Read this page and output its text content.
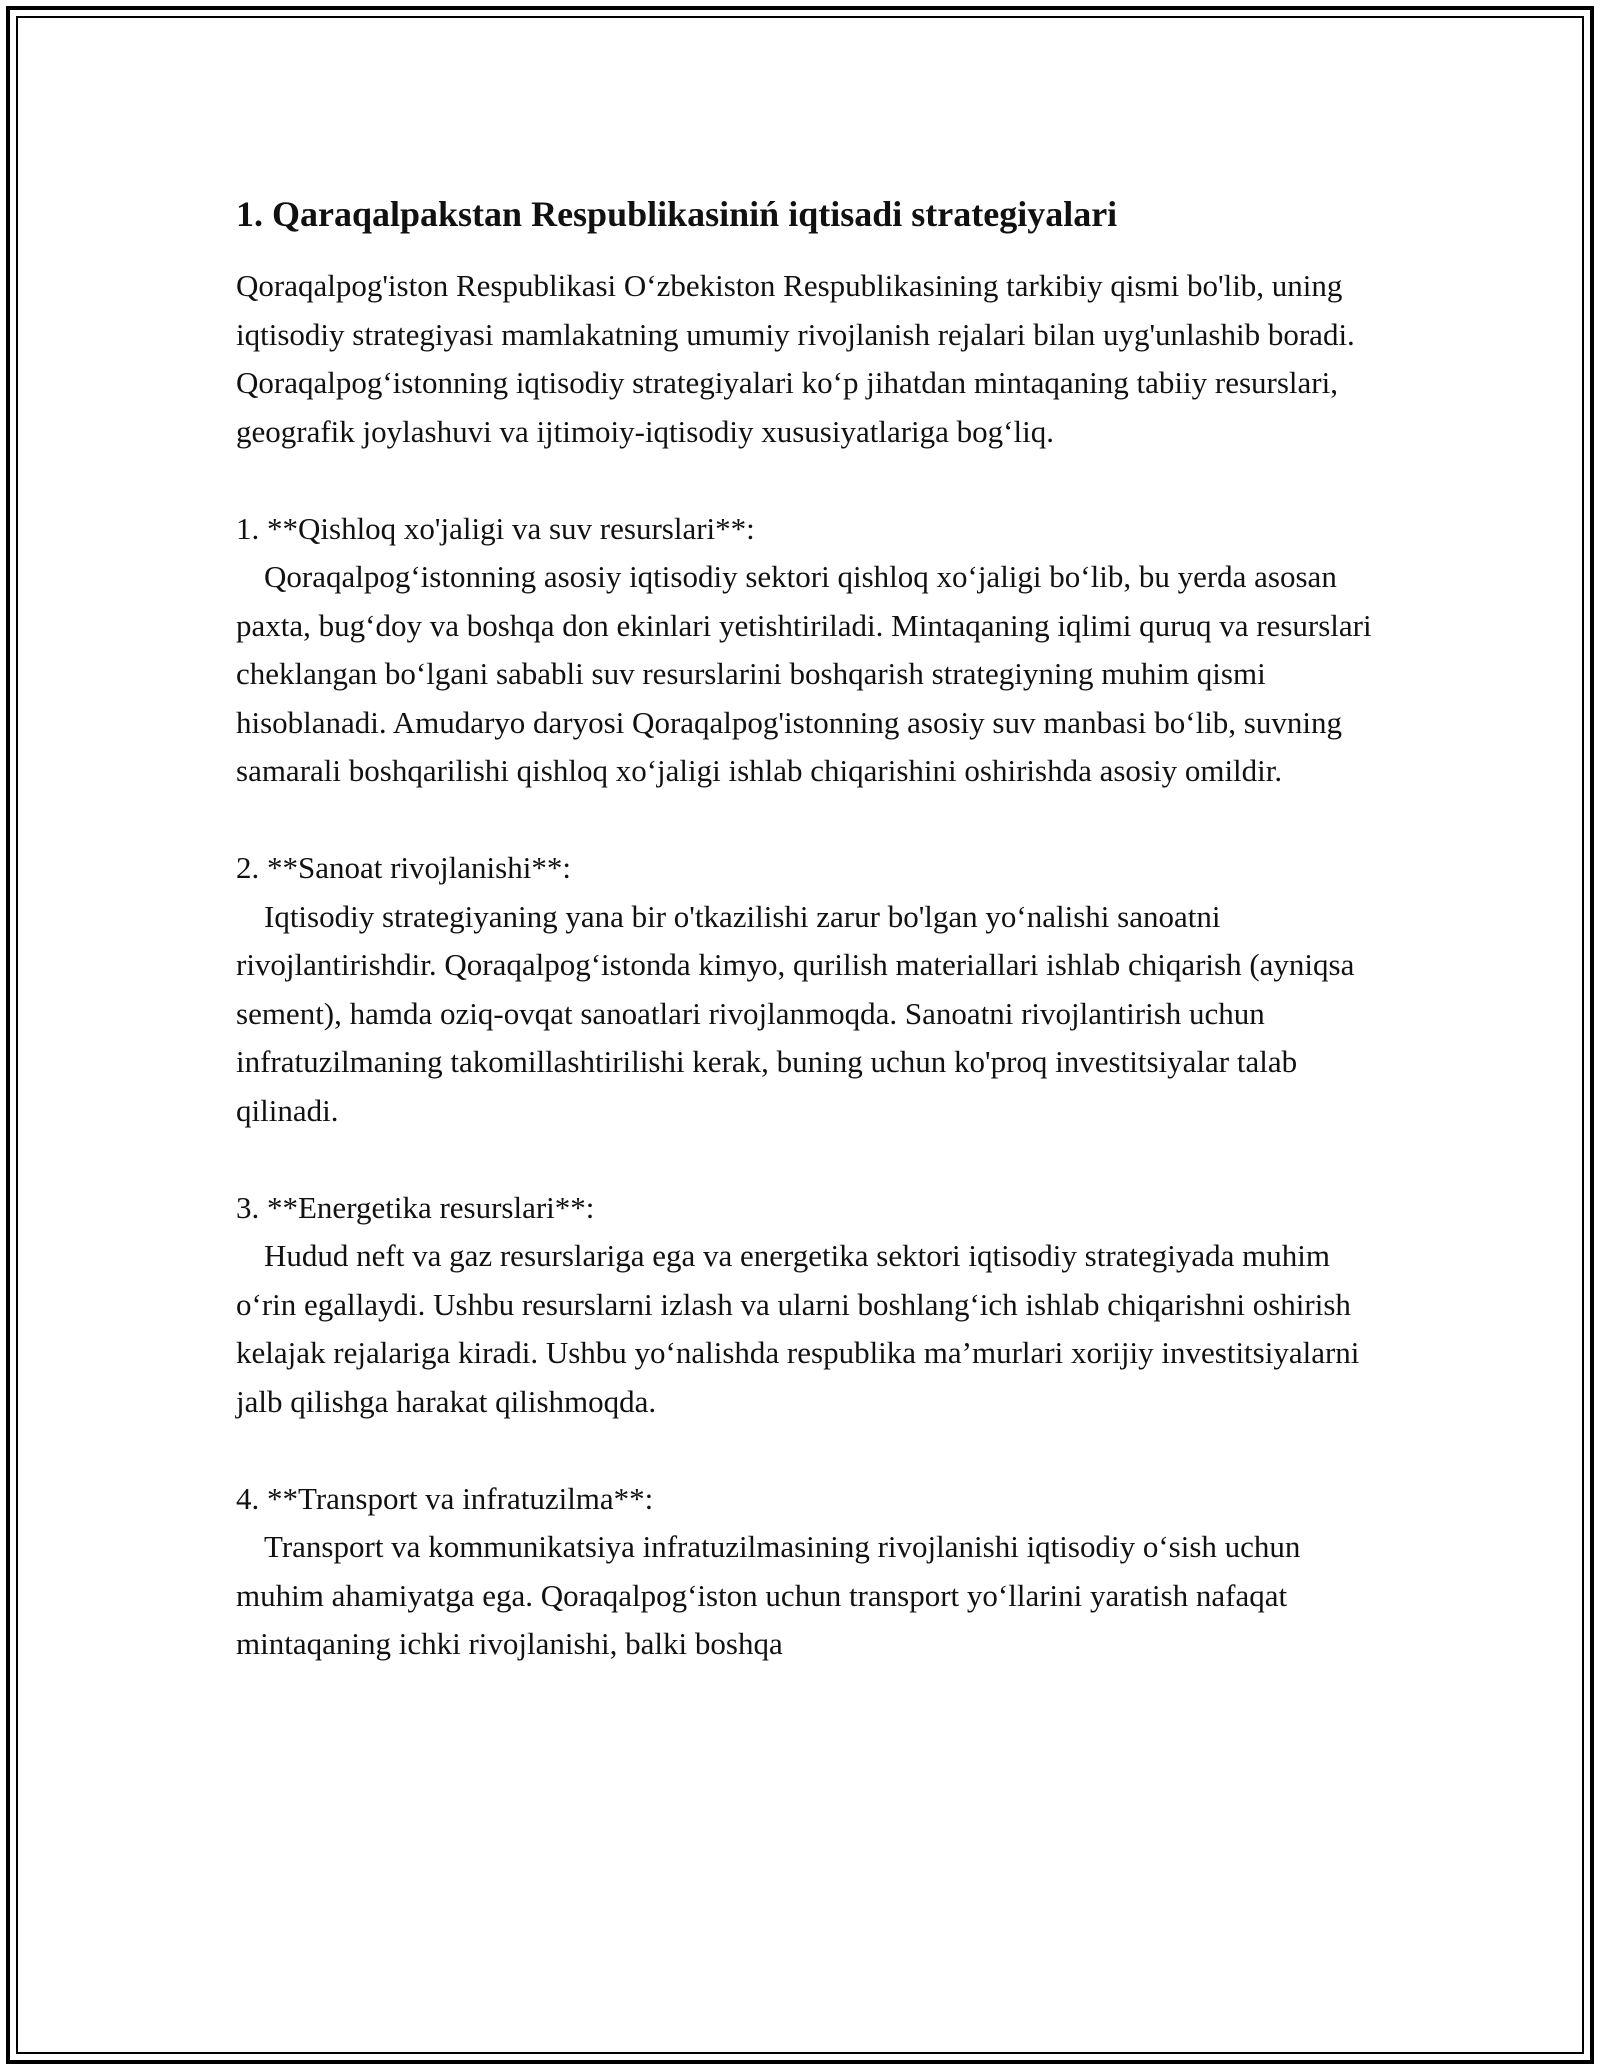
1. Qaraqalpakstan Respublikasiniń iqtisadi strategiyalari

Qoraqalpog'iston Respublikasi O‘zbekiston Respublikasining tarkibiy qismi bo'lib, uning iqtisodiy strategiyasi mamlakatning umumiy rivojlanish rejalari bilan uyg'unlashib boradi. Qoraqalpog‘istonning iqtisodiy strategiyalari ko‘p jihatdan mintaqaning tabiiy resurslari, geografik joylashuvi va ijtimoiy-iqtisodiy xususiyatlariga bog‘liq.

1. **Qishloq xo'jaligi va suv resurslari**:
Qoraqalpog‘istonning asosiy iqtisodiy sektori qishloq xo‘jaligi bo‘lib, bu yerda asosan paxta, bug‘doy va boshqa don ekinlari yetishtiriladi. Mintaqaning iqlimi quruq va resurslari cheklangan bo‘lgani sababli suv resurslarini boshqarish strategiyning muhim qismi hisoblanadi. Amudaryo daryosi Qoraqalpog'istonning asosiy suv manbasi bo‘lib, suvning samarali boshqarilishi qishloq xo‘jaligi ishlab chiqarishini oshirishda asosiy omildir.
2. **Sanoat rivojlanishi**:
Iqtisodiy strategiyaning yana bir o'tkazilishi zarur bo'lgan yo‘nalishi sanoatni rivojlantirishdir. Qoraqalpog‘istonda kimyo, qurilish materiallari ishlab chiqarish (ayniqsa sement), hamda oziq-ovqat sanoatlari rivojlanmoqda. Sanoatni rivojlantirish uchun infratuzilmaning takomillashtirilishi kerak, buning uchun ko'proq investitsiyalar talab qilinadi.
3. **Energetika resurslari**:
Hudud neft va gaz resurslariga ega va energetika sektori iqtisodiy strategiyada muhim o‘rin egallaydi. Ushbu resurslarni izlash va ularni boshlang‘ich ishlab chiqarishni oshirish kelajak rejalariga kiradi. Ushbu yo‘nalishda respublika ma’murlari xorijiy investitsiyalarni jalb qilishga harakat qilishmoqda.
4. **Transport va infratuzilma**:
Transport va kommunikatsiya infratuzilmasining rivojlanishi iqtisodiy o‘sish uchun muhim ahamiyatga ega. Qoraqalpog‘iston uchun transport yo‘llarini yaratish nafaqat mintaqaning ichki rivojlanishi, balki boshqa
